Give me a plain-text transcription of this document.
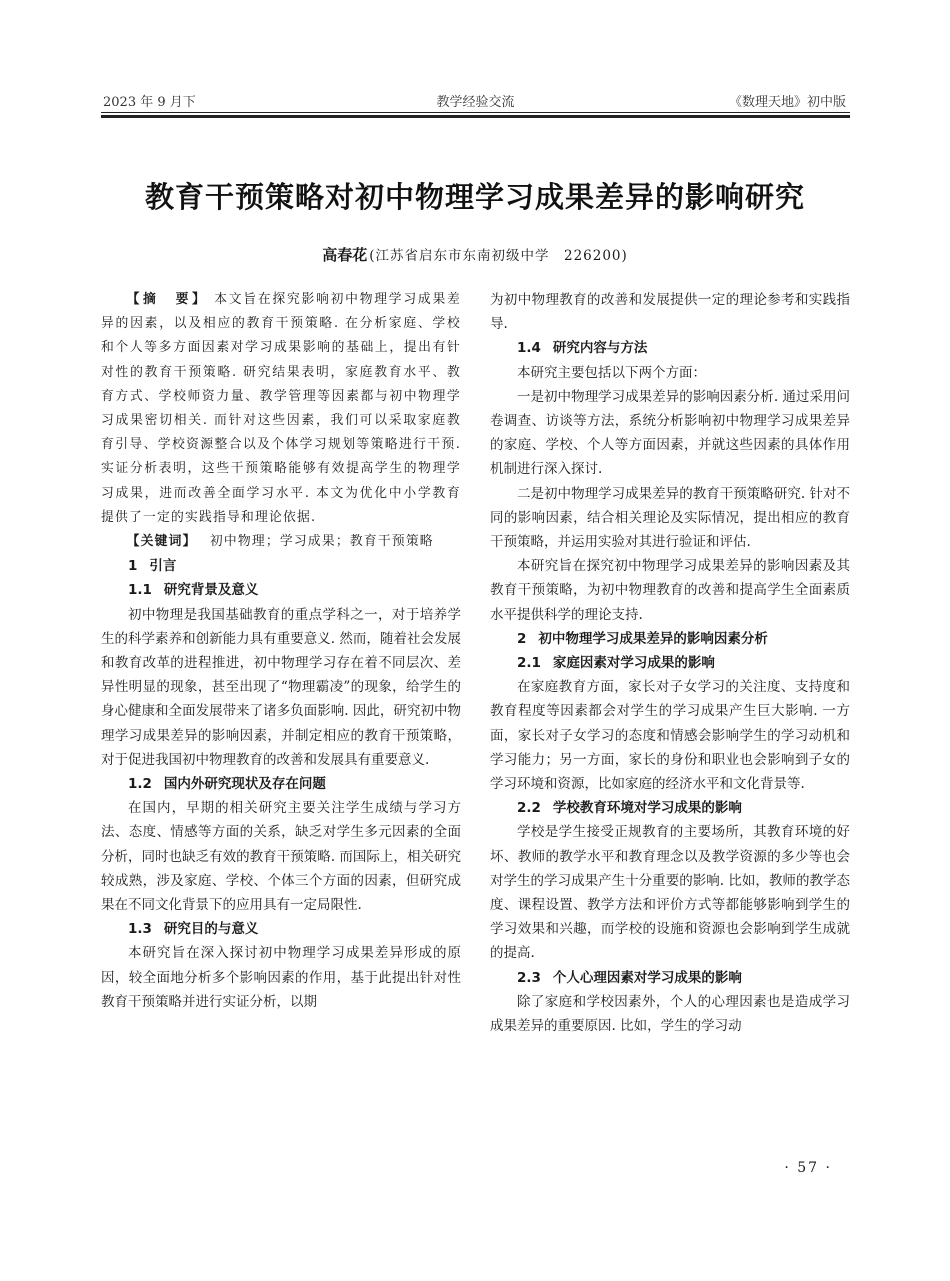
2023 年 9 月下	教学经验交流	《数理天地》初中版
教育干预策略对初中物理学习成果差异的影响研究
高春花 (江苏省启东市东南初级中学　226200)

【摘　要】 本文旨在探究影响初中物理学习成果差异的因素，以及相应的教育干预策略. 在分析家庭、学校和个人等多方面因素对学习成果影响的基础上，提出有针对性的教育干预策略. 研究结果表明，家庭教育水平、教育方式、学校师资力量、教学管理等因素都与初中物理学习成果密切相关. 而针对这些因素，我们可以采取家庭教育引导、学校资源整合以及个体学习规划等策略进行干预. 实证分析表明，这些干预策略能够有效提高学生的物理学习成果，进而改善全面学习水平. 本文为优化中小学教育提供了一定的实践指导和理论依据.

【关键词】 初中物理；学习成果；教育干预策略

1 引言
1.1 研究背景及意义

初中物理是我国基础教育的重点学科之一，对于培养学生的科学素养和创新能力具有重要意义. 然而，随着社会发展和教育改革的进程推进，初中物理学习存在着不同层次、差异性明显的现象，甚至出现了“物理霸凌”的现象，给学生的身心健康和全面发展带来了诸多负面影响. 因此，研究初中物理学习成果差异的影响因素，并制定相应的教育干预策略，对于促进我国初中物理教育的改善和发展具有重要意义.

1.2 国内外研究现状及存在问题

在国内，早期的相关研究主要关注学生成绩与学习方法、态度、情感等方面的关系，缺乏对学生多元因素的全面分析，同时也缺乏有效的教育干预策略. 而国际上，相关研究较成熟，涉及家庭、学校、个体三个方面的因素，但研究成果在不同文化背景下的应用具有一定局限性.

1.3 研究目的与意义

本研究旨在深入探讨初中物理学习成果差异形成的原因，较全面地分析多个影响因素的作用，基于此提出针对性教育干预策略并进行实证分析，以期

为初中物理教育的改善和发展提供一定的理论参考和实践指导.

1.4 研究内容与方法

本研究主要包括以下两个方面：

一是初中物理学习成果差异的影响因素分析. 通过采用问卷调查、访谈等方法，系统分析影响初中物理学习成果差异的家庭、学校、个人等方面因素，并就这些因素的具体作用机制进行深入探讨.

二是初中物理学习成果差异的教育干预策略研究. 针对不同的影响因素，结合相关理论及实际情况，提出相应的教育干预策略，并运用实验对其进行验证和评估.

本研究旨在探究初中物理学习成果差异的影响因素及其教育干预策略，为初中物理教育的改善和提高学生全面素质水平提供科学的理论支持.

2 初中物理学习成果差异的影响因素分析
2.1 家庭因素对学习成果的影响

在家庭教育方面，家长对子女学习的关注度、支持度和教育程度等因素都会对学生的学习成果产生巨大影响. 一方面，家长对子女学习的态度和情感会影响学生的学习动机和学习能力；另一方面，家长的身份和职业也会影响到子女的学习环境和资源，比如家庭的经济水平和文化背景等.

2.2 学校教育环境对学习成果的影响

学校是学生接受正规教育的主要场所，其教育环境的好坏、教师的教学水平和教育理念以及教学资源的多少等也会对学生的学习成果产生十分重要的影响. 比如，教师的教学态度、课程设置、教学方法和评价方式等都能够影响到学生的学习效果和兴趣，而学校的设施和资源也会影响到学生成就的提高.

2.3 个人心理因素对学习成果的影响

除了家庭和学校因素外，个人的心理因素也是造成学习成果差异的重要原因. 比如，学生的学习动

· 57 ·
